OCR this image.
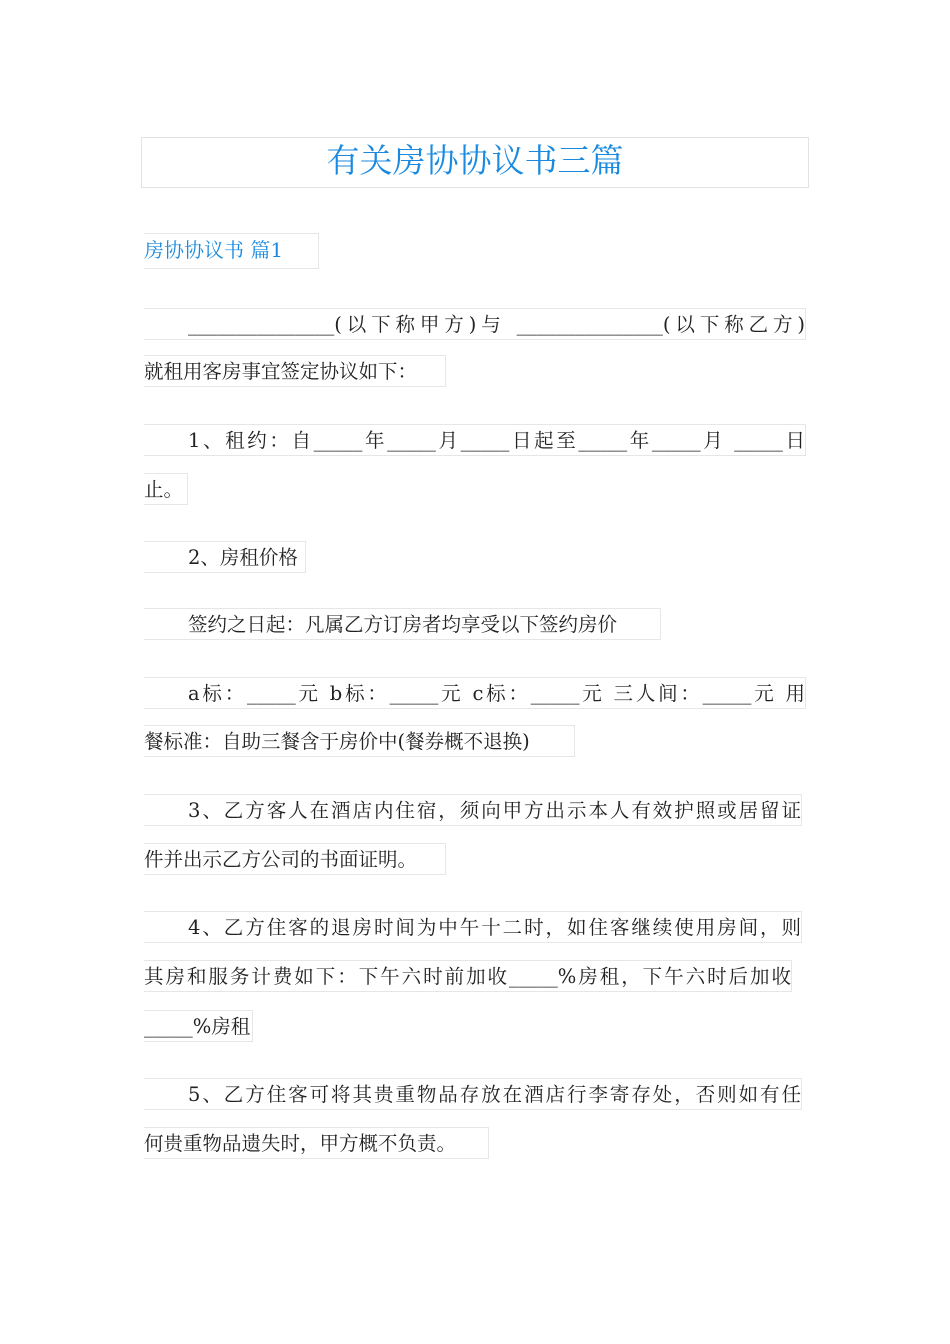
有关房协协议书三篇
房协协议书 篇1
_______________(以下称甲方)与 _______________(以下称乙方)
就租用客房事宜签定协议如下：
1、租约：自_____年_____月_____日起至_____年_____月 _____日
止。
2、房租价格
签约之日起：凡属乙方订房者均享受以下签约房价
a标：_____元 b标：_____元 c标：_____元 三人间：_____元 用
餐标准：自助三餐含于房价中(餐券概不退换)
3、乙方客人在酒店内住宿，须向甲方出示本人有效护照或居留证
件并出示乙方公司的书面证明。
4、乙方住客的退房时间为中午十二时，如住客继续使用房间，则
其房和服务计费如下：下午六时前加收_____%房租，下午六时后加收
_____%房租
5、乙方住客可将其贵重物品存放在酒店行李寄存处，否则如有任
何贵重物品遗失时，甲方概不负责。
